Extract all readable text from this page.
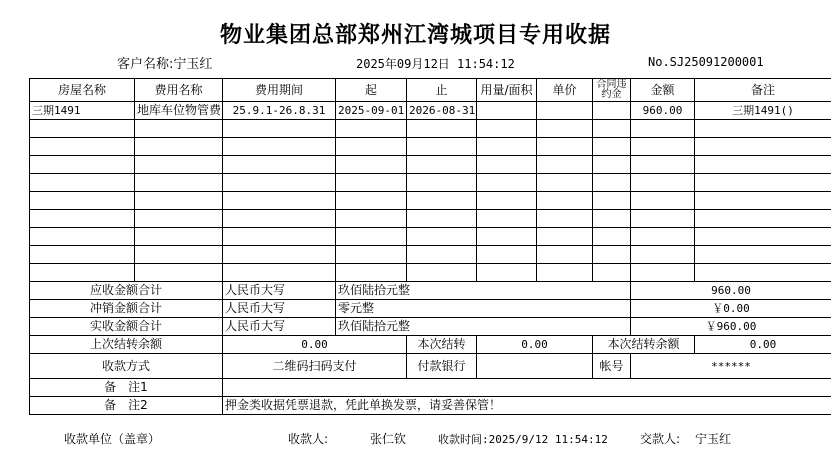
物业集团总部郑州江湾城项目专用收据
客户名称:宁玉红	2025年09月12日 11:54:12	No.SJ25091200001
房屋名称	费用名称	费用期间	起	止	用量/面积	单价	合同违约金	金额	备注
三期1491	地库车位物管费	25.9.1-26.8.31	2025-09-01	2026-08-31				960.00	三期1491()

应收金额合计		人民币大写	玖佰陆拾元整					960.00	
冲销金额合计		人民币大写	零元整					￥0.00	
实收金额合计		人民币大写	玖佰陆拾元整					￥960.00	
上次结转余额		0.00		本次结转	0.00		本次结转余额		0.00
收款方式		二维码扫码支付		付款银行			帐号	******	
备　注1									
备　注2		押金类收据凭票退款，凭此单换发票，请妥善保管！							
收款单位（盖章）	收款人:	张仁钦	收款时间:2025/9/12 11:54:12	交款人: 宁玉红
